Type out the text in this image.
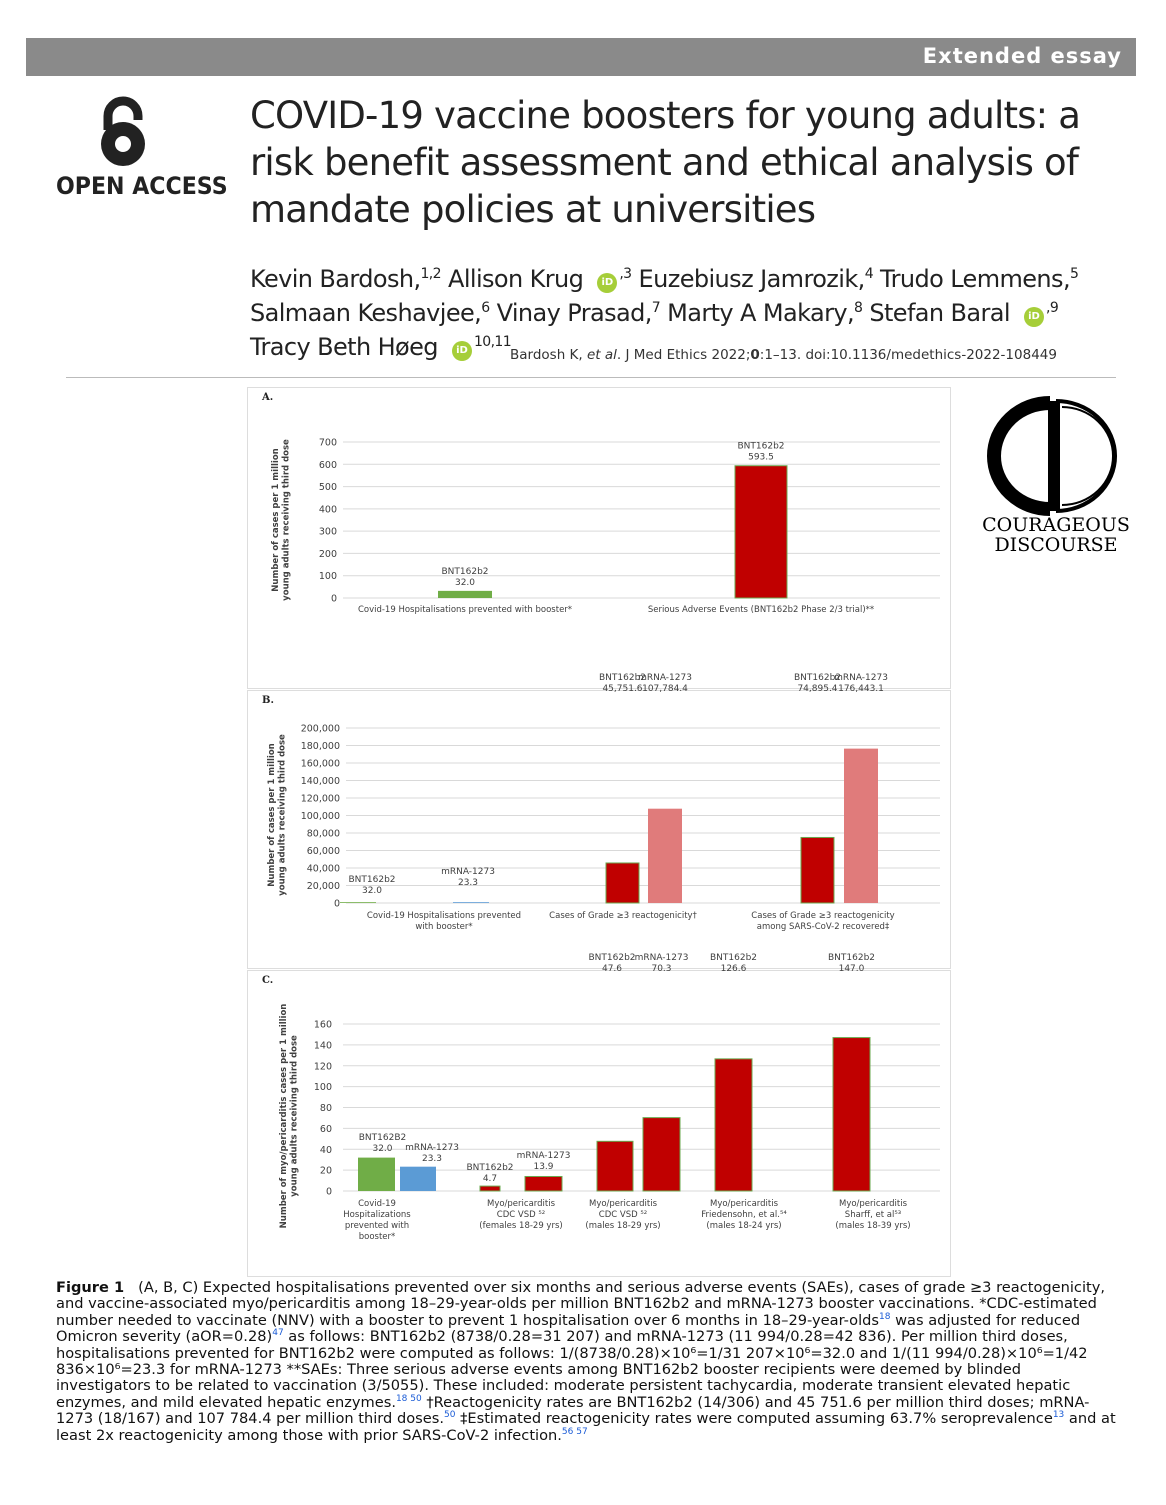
Extended essay
OPEN ACCESS
COVID-19 vaccine boosters for young adults: a risk benefit assessment and ethical analysis of mandate policies at universities
Kevin Bardosh,$^{1,2}$ Allison Krug $iD^{,3}$ Euzebiusz Jamrozik,$^4$ Trudo Lemmens,$^5$
Salmaan Keshavjee,$^6$ Vinay Prasad,$^7$ Marty A Makary,$^8$ Stefan Baral $iD^{,9}$
Tracy Beth Høeg iD$^{10,11}$
Bardosh K, et al. J Med Ethics 2022;0:1–13. doi:10.1136/medethics-2022-108449
A.
0
100
200
300
400
500
600
700
Number of cases per 1 millionyoung adults receiving third dose	BNT162b2
32.0
BNT162b2
593.5
Covid-19 Hospitalisations prevented with booster*	Serious Adverse Events (BNT162b2 Phase 2/3 trial)**
B.
0
20,000
40,000
60,000
80,000
100,000
120,000
140,000
160,000
180,000
200,000
Number of cases per 1 millionyoung adults receiving third dose	BNT162b2
32.0
mRNA-1273
23.3
BNT162b2
45,751.6
mRNA-1273
107,784.4
BNT162b2
74,895.4
mRNA-1273
176,443.1
Covid-19 Hospitalisations prevented
with booster*
Cases of Grade ≥3 reactogenicity†	Cases of Grade ≥3 reactogenicity
among SARS-CoV-2 recovered‡
C.
0
20
40
60
80
100
120
140
160
Number of myo/pericarditis cases per 1 millionyoung adults receiving third dose	BNT162B2
32.0 mRNA-1273
23.3
BNT162b2
4.7
mRNA-1273
13.9
BNT162b2
47.6
mRNA-1273
70.3
BNT162b2
126.6
BNT162b2
147.0
Covid-19
Hospitalizations
prevented with
booster*
Myo/pericarditis
CDC VSD ⁵²
(females 18-29 yrs)
Myo/pericarditis
CDC VSD ⁵²
(males 18-29 yrs)
Myo/pericarditis
Friedensohn, et al.⁵⁴
(males 18-24 yrs)
Myo/pericarditis
Sharff, et al⁵³
(males 18-39 yrs)
COURAGEOUS
DISCOURSE
Figure 1 (A, B, C) Expected hospitalisations prevented over six months and serious adverse events (SAEs), cases of grade ≥3 reactogenicity, and vaccine-associated myo/pericarditis among 18–29-year-olds per million BNT162b2 and mRNA-1273 booster vaccinations. *CDC-estimated number needed to vaccinate (NNV) with a booster to prevent 1 hospitalisation over 6 months in 18–29-year-olds$^{18}$ was adjusted for reduced Omicron severity (aOR=0.28)$^{47}$ as follows: BNT162b2 (8738/0.28=31 207) and mRNA-1273 (11 994/0.28=42 836). Per million third doses, hospitalisations prevented for BNT162b2 were computed as follows: 1/(8738/0.28)×10⁶=1/31 207×10⁶=32.0 and 1/(11 994/0.28)×10⁶=1/42 836×10⁶=23.3 for mRNA-1273 **SAEs: Three serious adverse events among BNT162b2 booster recipients were deemed by blinded investigators to be related to vaccination (3/5055). These included: moderate persistent tachycardia, moderate transient elevated hepatic enzymes, and mild elevated hepatic enzymes.$^{18 50}$ †Reactogenicity rates are BNT162b2 (14/306) and 45 751.6 per million third doses; mRNA-1273 (18/167) and 107 784.4 per million third doses.$^{50}$ ‡Estimated reactogenicity rates were computed assuming 63.7% seroprevalence$^{13}$ and at least 2x reactogenicity among those with prior SARS-CoV-2 infection.$^{56 57}$
